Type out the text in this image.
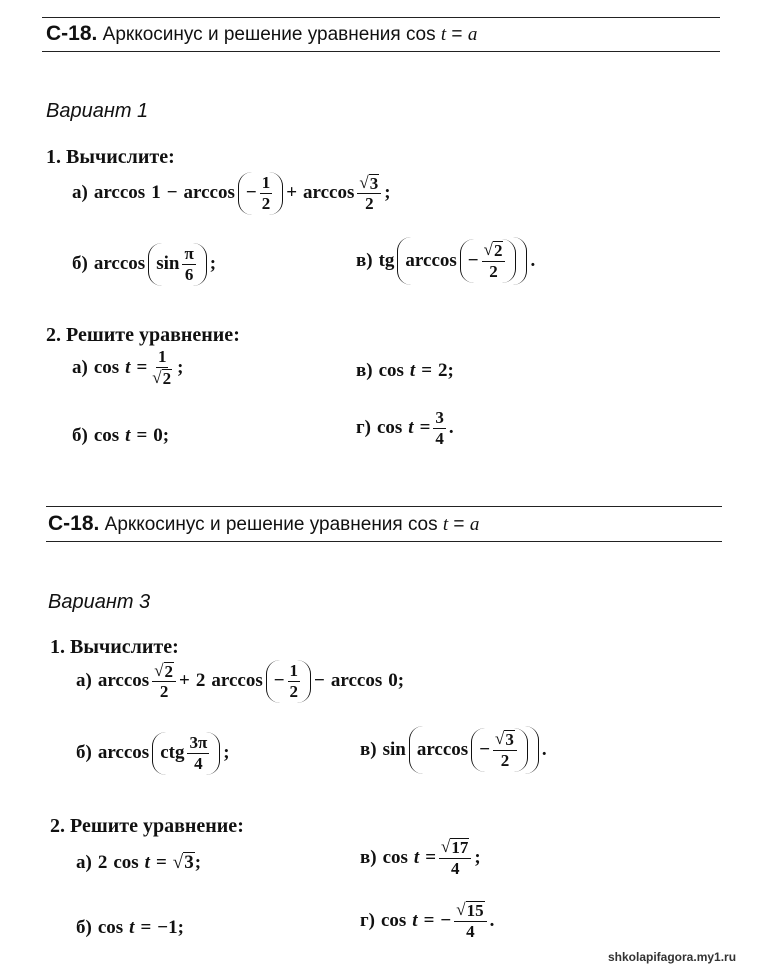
С-18. Арккосинус и решение уравнения cos t = a
Вариант 1
1. Вычислите:
а) $\arccos 1 - \arccos - \frac{1}{2} + \arccos \frac{√ 3}{2}$ ;
б) $\arccos \sin \frac{\pi}{6}$ ;	в) tg $\arccos - \frac{√ 2}{2}$ .
2. Решите уравнение:
а) $\cos t = \frac{1}{√ 2}$ ;	в) cos t = 2;
б) cos t = 0;	г) $\cos t = \frac{3}{4}$ .
С-18. Арккосинус и решение уравнения cos t = a
Вариант 3
1. Вычислите:
а) $\arccos \frac{√ 2}{2} + 2$ $\arccos - \frac{1}{2} - \arccos 0$;
б) arccos ctg $\frac{3\pi}{4}$ ;	в) $\sin \arccos - \frac{√ 3}{2}$ .
2. Решите уравнение:
а) 2 cos t = √ 3 ;	в) $\cos t = \frac{√ 17}{4}$ ;
б) cos t = −1;	г) cos t = − $\frac{√ 15}{4}$ .
shkolapifagora.my1.ru
